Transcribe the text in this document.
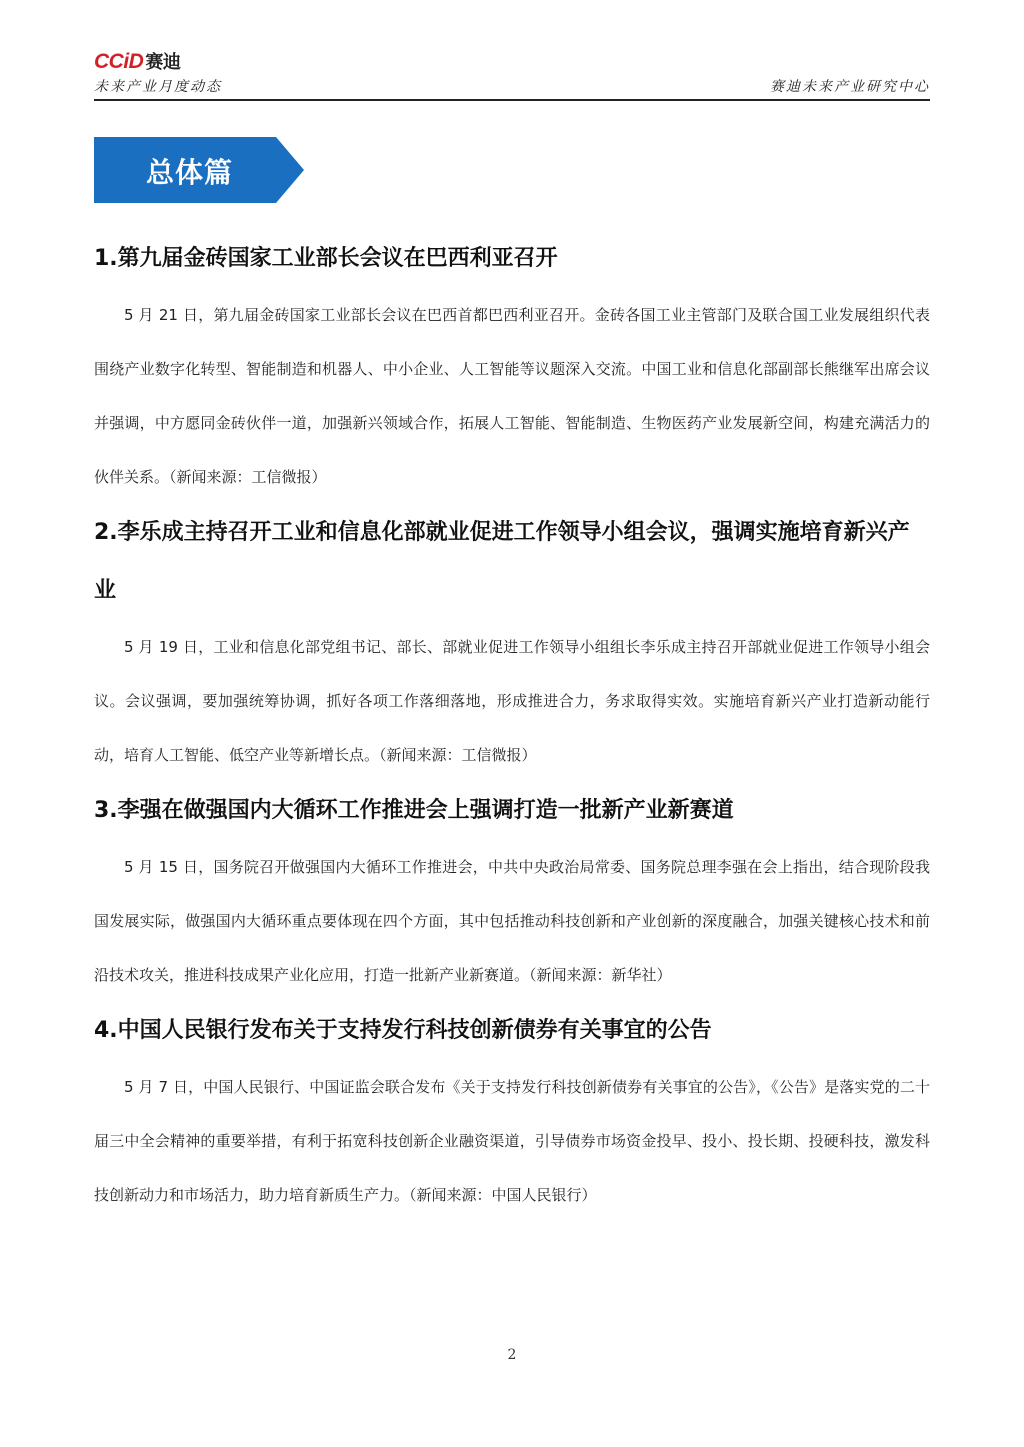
CCiD 赛迪
未来产业月度动态	赛迪未来产业研究中心
总体篇
1.第九届金砖国家工业部长会议在巴西利亚召开

5 月 21 日，第九届金砖国家工业部长会议在巴西首都巴西利亚召开。金砖各国工业主管部门及联合国工业发展组织代表围绕产业数字化转型、智能制造和机器人、中小企业、人工智能等议题深入交流。中国工业和信息化部副部长熊继军出席会议并强调，中方愿同金砖伙伴一道，加强新兴领域合作，拓展人工智能、智能制造、生物医药产业发展新空间，构建充满活力的伙伴关系。（新闻来源：工信微报）

2.李乐成主持召开工业和信息化部就业促进工作领导小组会议，强调实施培育新兴产业

5 月 19 日，工业和信息化部党组书记、部长、部就业促进工作领导小组组长李乐成主持召开部就业促进工作领导小组会议。会议强调，要加强统筹协调，抓好各项工作落细落地，形成推进合力，务求取得实效。实施培育新兴产业打造新动能行动，培育人工智能、低空产业等新增长点。（新闻来源：工信微报）

3.李强在做强国内大循环工作推进会上强调打造一批新产业新赛道

5 月 15 日，国务院召开做强国内大循环工作推进会，中共中央政治局常委、国务院总理李强在会上指出，结合现阶段我国发展实际，做强国内大循环重点要体现在四个方面，其中包括推动科技创新和产业创新的深度融合，加强关键核心技术和前沿技术攻关，推进科技成果产业化应用，打造一批新产业新赛道。（新闻来源：新华社）

4.中国人民银行发布关于支持发行科技创新债券有关事宜的公告

5 月 7 日，中国人民银行、中国证监会联合发布《关于支持发行科技创新债券有关事宜的公告》，《公告》是落实党的二十届三中全会精神的重要举措，有利于拓宽科技创新企业融资渠道，引导债券市场资金投早、投小、投长期、投硬科技，激发科技创新动力和市场活力，助力培育新质生产力。（新闻来源：中国人民银行）

2
